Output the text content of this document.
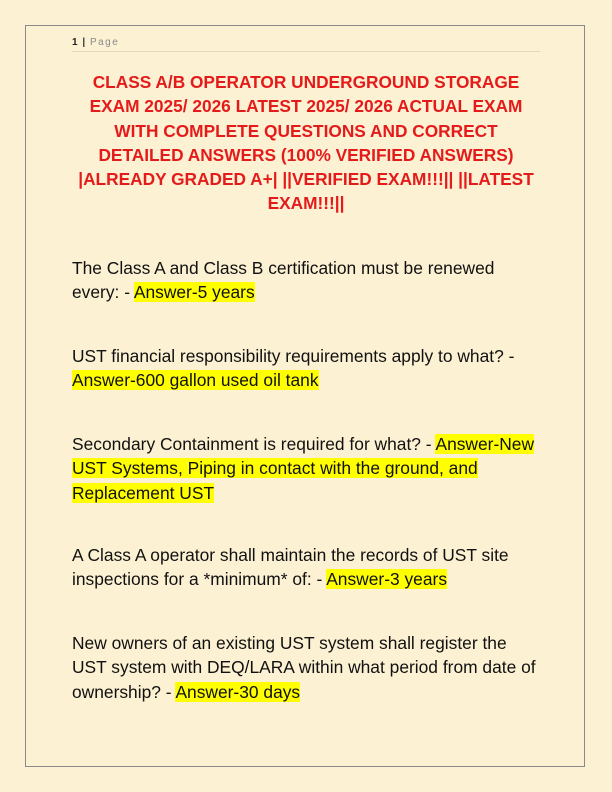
1 | Page
CLASS A/B OPERATOR UNDERGROUND STORAGE EXAM 2025/ 2026 LATEST 2025/ 2026 ACTUAL EXAM WITH COMPLETE QUESTIONS AND CORRECT DETAILED ANSWERS (100% VERIFIED ANSWERS) |ALREADY GRADED A+| ||VERIFIED EXAM!!!|| ||LATEST EXAM!!!||
The Class A and Class B certification must be renewed every: - Answer-5 years
UST financial responsibility requirements apply to what? - Answer-600 gallon used oil tank
Secondary Containment is required for what? - Answer-New UST Systems, Piping in contact with the ground, and Replacement UST
A Class A operator shall maintain the records of UST site inspections for a *minimum* of: - Answer-3 years
New owners of an existing UST system shall register the UST system with DEQ/LARA within what period from date of ownership? - Answer-30 days
